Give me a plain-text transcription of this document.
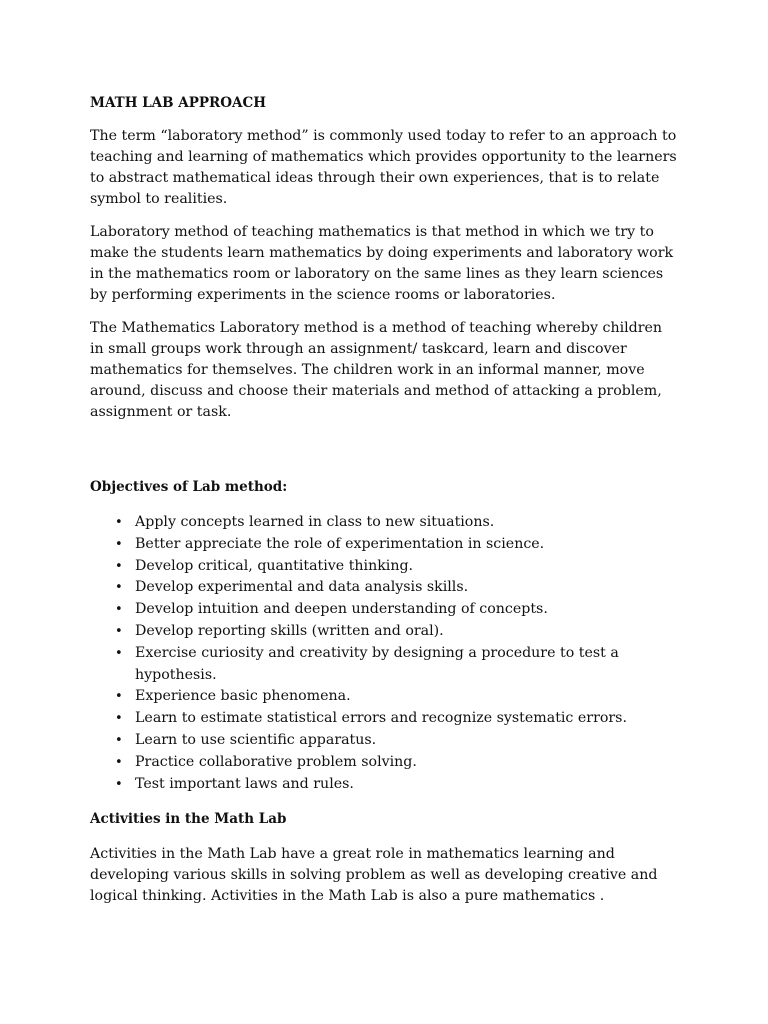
MATH LAB APPROACH

The term “laboratory method” is commonly used today to refer to an approach to teaching and learning of mathematics which provides opportunity to the learners to abstract mathematical ideas through their own experiences, that is to relate symbol to realities.

Laboratory method of teaching mathematics is that method in which we try to make the students learn mathematics by doing experiments and laboratory work in the mathematics room or laboratory on the same lines as they learn sciences by performing experiments in the science rooms or laboratories.

The Mathematics Laboratory method is a method of teaching whereby children in small groups work through an assignment/ taskcard, learn and discover mathematics for themselves. The children work in an informal manner, move around, discuss and choose their materials and method of attacking a problem, assignment or task.

Objectives of Lab method:
• Apply concepts learned in class to new situations.
• Better appreciate the role of experimentation in science.
• Develop critical, quantitative thinking.
• Develop experimental and data analysis skills.
• Develop intuition and deepen understanding of concepts.
• Develop reporting skills (written and oral).
• Exercise curiosity and creativity by designing a procedure to test a hypothesis.
• Experience basic phenomena.
• Learn to estimate statistical errors and recognize systematic errors.
• Learn to use scientific apparatus.
• Practice collaborative problem solving.
• Test important laws and rules.
Activities in the Math Lab

Activities in the Math Lab have a great role in mathematics learning and developing various skills in solving problem as well as developing creative and logical thinking. Activities in the Math Lab is also a pure mathematics .
